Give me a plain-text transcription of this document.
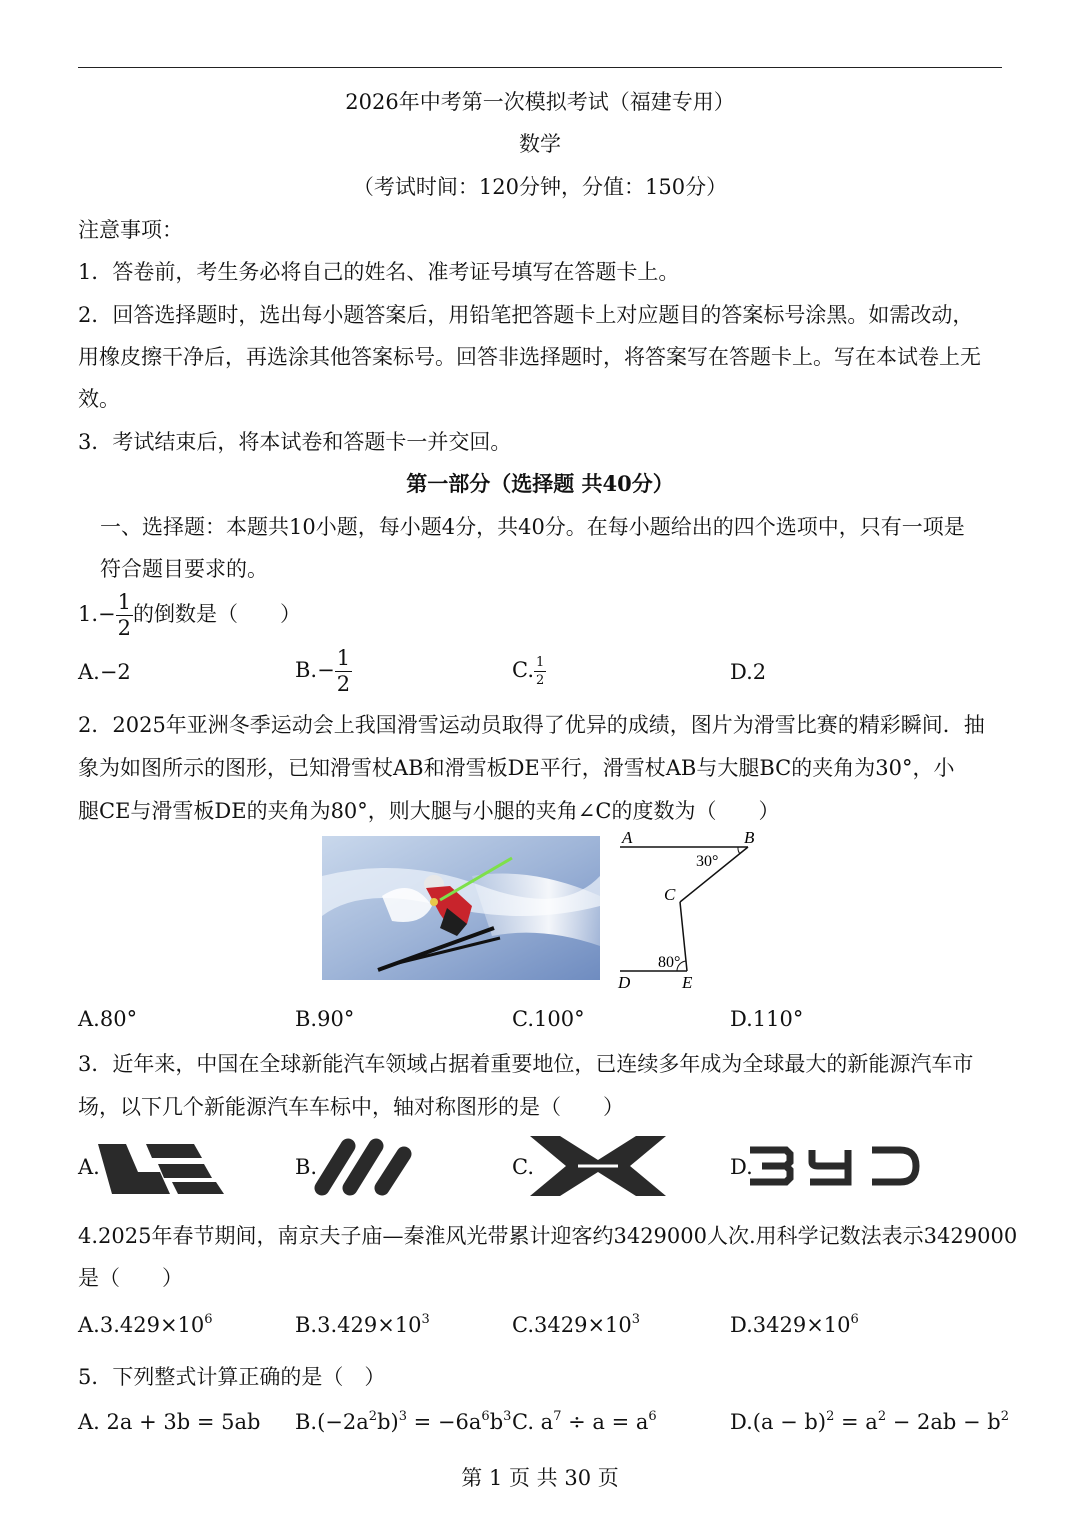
2026年中考第一次模拟考试（福建专用）
数学
（考试时间：120分钟，分值：150分）
注意事项：
1．答卷前，考生务必将自己的姓名、准考证号填写在答题卡上。
2．回答选择题时，选出每小题答案后，用铅笔把答题卡上对应题目的答案标号涂黑。如需改动，
用橡皮擦干净后，再选涂其他答案标号。回答非选择题时，将答案写在答题卡上。写在本试卷上无
效。
3．考试结束后，将本试卷和答题卡一并交回。
第一部分（选择题 共40分）
一、选择题：本题共10小题，每小题4分，共40分。在每小题给出的四个选项中，只有一项是
符合题目要求的。
$1.- \frac{1}{2}$ 的倒数是（　　）
A.−2	$B.- \frac{1}{2}$	C. $\frac{1}{2}$	D.2
2．2025年亚洲冬季运动会上我国滑雪运动员取得了优异的成绩，图片为滑雪比赛的精彩瞬间．抽
象为如图所示的图形，已知滑雪杖AB和滑雪板DE平行，滑雪杖AB与大腿BC的夹角为30°，小
腿CE与滑雪板DE的夹角为80°，则大腿与小腿的夹角∠C的度数为（　　）
A	B
C
D	E
30°
80°
A.80°	B.90°	C.100°	D.110°
3．近年来，中国在全球新能汽车领域占据着重要地位，已连续多年成为全球最大的新能源汽车市
场，以下几个新能源汽车车标中，轴对称图形的是（　　）
A.	B.	C.	D.
4.2025年春节期间，南京夫子庙—秦淮风光带累计迎客约3429000人次.用科学记数法表示3429000
是（　　）
$A.3.429\times 10^6$	$B.3.429\times 10^3$	$C.3429\times 10^3$	$D.3429\times 10^6$
5．下列整式计算正确的是（　）
A. 2a + 3b = 5ab $B.(-2a^2b)^3 = -6a^6b^3$ C. $a^7 \div a = a^6$	$D.(a - b)^2 = a^2 - 2ab - b^2$
第 1 页 共 30 页
